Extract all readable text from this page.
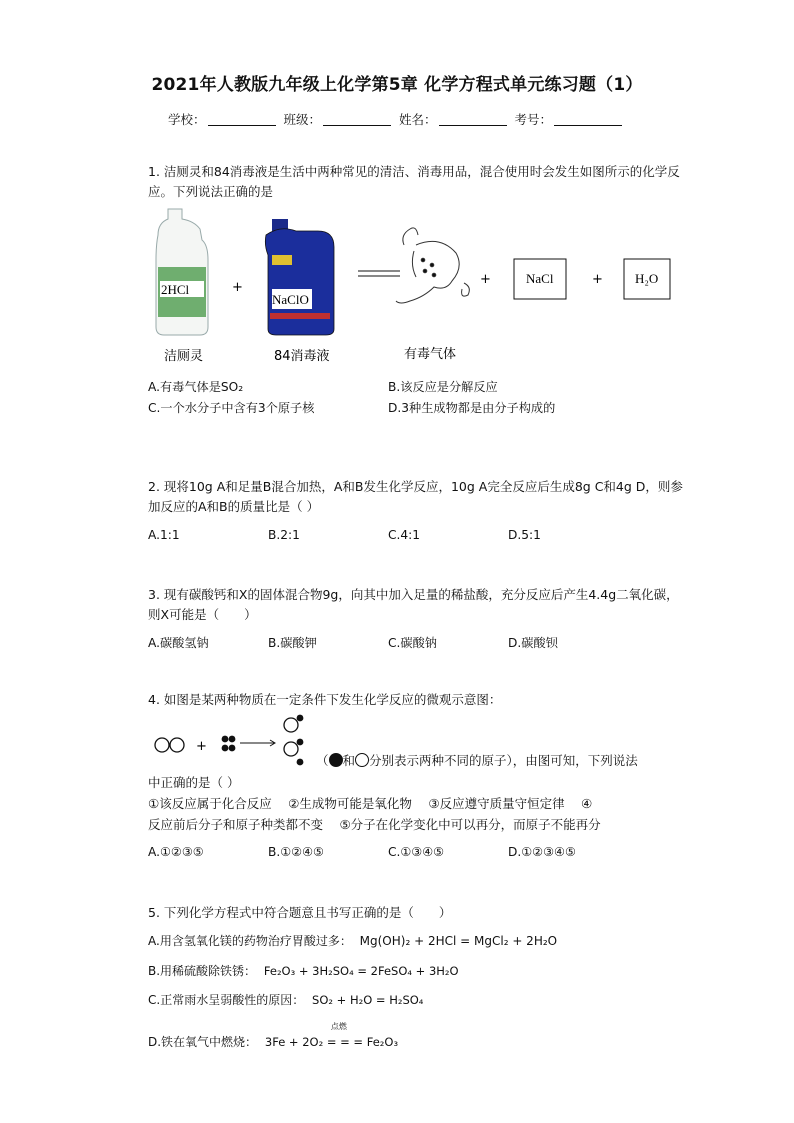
2021年人教版九年级上化学第5章 化学方程式单元练习题（1）
学校：	班级：	姓名：	考号：
1. 洁厕灵和84消毒液是生活中两种常见的清洁、消毒用品，混合使用时会发生如图所示的化学反应。下列说法正确的是
2HCl
洁厕灵
+
NaClO
84消毒液	有毒气体
+	NaCl	+ H₂O
A.有毒气体是SO₂	B.该反应是分解反应
C.一个水分子中含有3个原子核	D.3种生成物都是由分子构成的
2. 现将10g A和足量B混合加热，A和B发生化学反应，10g A完全反应后生成8g C和4g D，则参加反应的A和B的质量比是（ ）
A.1:1	B.2:1	C.4:1	D.5:1
3. 现有碳酸钙和X的固体混合物9g，向其中加入足量的稀盐酸，充分反应后产生4.4g二氧化碳，则X可能是（　　）
A.碳酸氢钠	B.碳酸钾	C.碳酸钠	D.碳酸钡
4. 如图是某两种物质在一定条件下发生化学反应的微观示意图：
+
（ 和 分别表示两种不同的原子），由图可知，下列说法
中正确的是（ ）
①该反应属于化合反应　 ②生成物可能是氧化物　 ③反应遵守质量守恒定律　 ④
反应前后分子和原子种类都不变　 ⑤分子在化学变化中可以再分，而原子不能再分
A.①②③⑤	B.①②④⑤	C.①③④⑤	D.①②③④⑤
5. 下列化学方程式中符合题意且书写正确的是（　　）
A.用含氢氧化镁的药物治疗胃酸过多： Mg(OH)₂ + 2HCl = MgCl₂ + 2H₂O
B.用稀硫酸除铁锈： Fe₂O₃ + 3H₂SO₄ = 2FeSO₄ + 3H₂O
C.正常雨水呈弱酸性的原因： SO₂ + H₂O = H₂SO₄
D.铁在氧气中燃烧：
点燃
3Fe + 2O₂ = = = Fe₂O₃
